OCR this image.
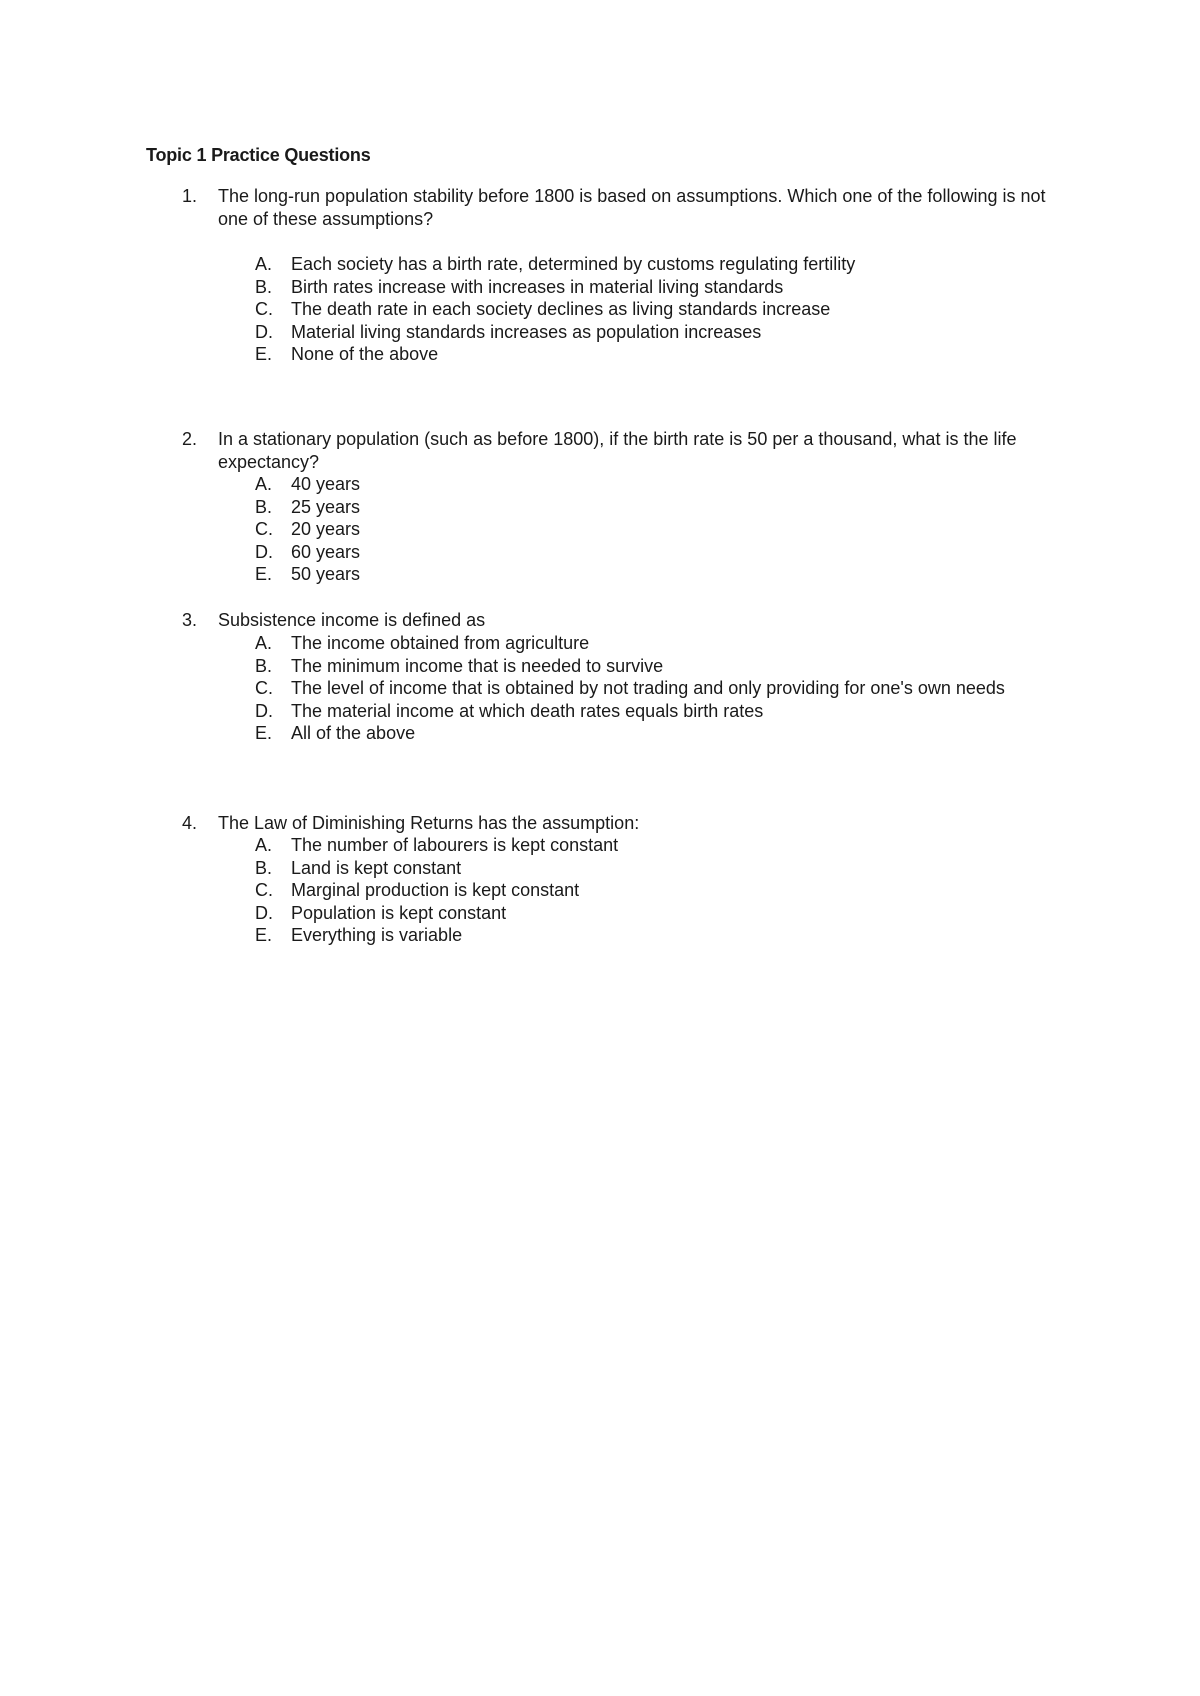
Topic 1 Practice Questions
1. The long-run population stability before 1800 is based on assumptions. Which one of the following is not one of these assumptions?
A. Each society has a birth rate, determined by customs regulating fertility
B. Birth rates increase with increases in material living standards
C. The death rate in each society declines as living standards increase
D. Material living standards increases as population increases
E. None of the above
2. In a stationary population (such as before 1800), if the birth rate is 50 per a thousand, what is the life expectancy?
A. 40 years
B. 25 years
C. 20 years
D. 60 years
E. 50 years
3. Subsistence income is defined as
A. The income obtained from agriculture
B. The minimum income that is needed to survive
C. The level of income that is obtained by not trading and only providing for one's own needs
D. The material income at which death rates equals birth rates
E. All of the above
4. The Law of Diminishing Returns has the assumption:
A. The number of labourers is kept constant
B. Land is kept constant
C. Marginal production is kept constant
D. Population is kept constant
E. Everything is variable
